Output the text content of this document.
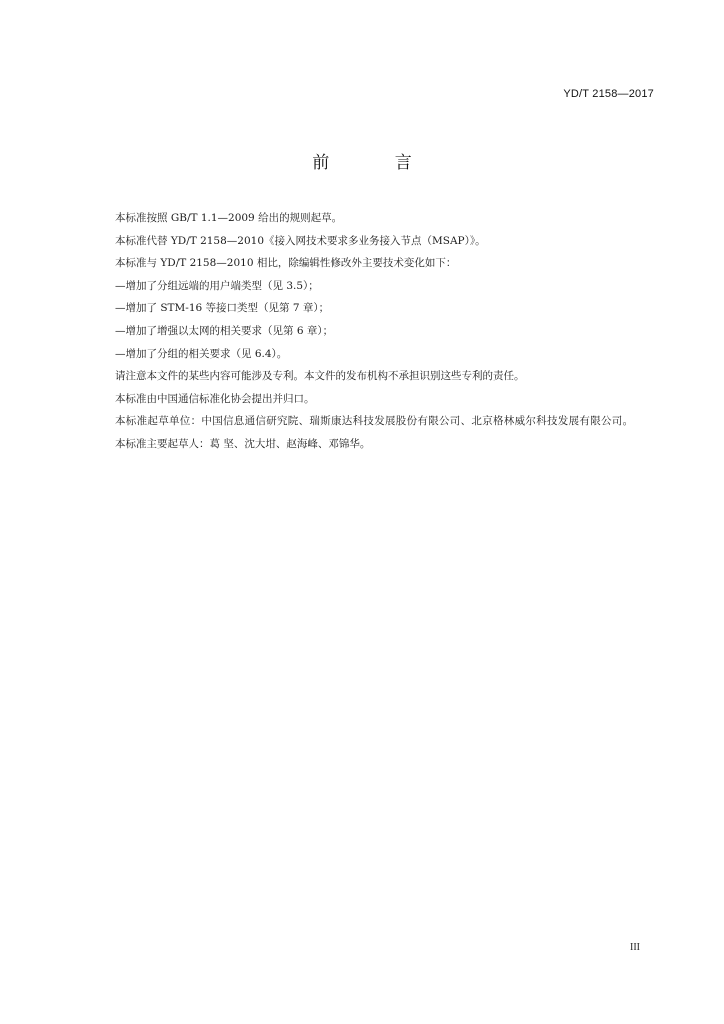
YD/T 2158—2017
前 言

本标准按照 GB/T 1.1—2009 给出的规则起草。

本标准代替 YD/T 2158—2010《接入网技术要求多业务接入节点（MSAP）》。

本标准与 YD/T 2158—2010 相比，除编辑性修改外主要技术变化如下：

—增加了分组远端的用户端类型（见 3.5）；

—增加了 STM-16 等接口类型（见第 7 章）；

—增加了增强以太网的相关要求（见第 6 章）；

—增加了分组的相关要求（见 6.4）。

请注意本文件的某些内容可能涉及专利。本文件的发布机构不承担识别这些专利的责任。

本标准由中国通信标准化协会提出并归口。

本标准起草单位：中国信息通信研究院、瑞斯康达科技发展股份有限公司、北京格林威尔科技发展有限公司。

本标准主要起草人：葛 坚、沈大坩、赵海峰、邓锦华。

III
